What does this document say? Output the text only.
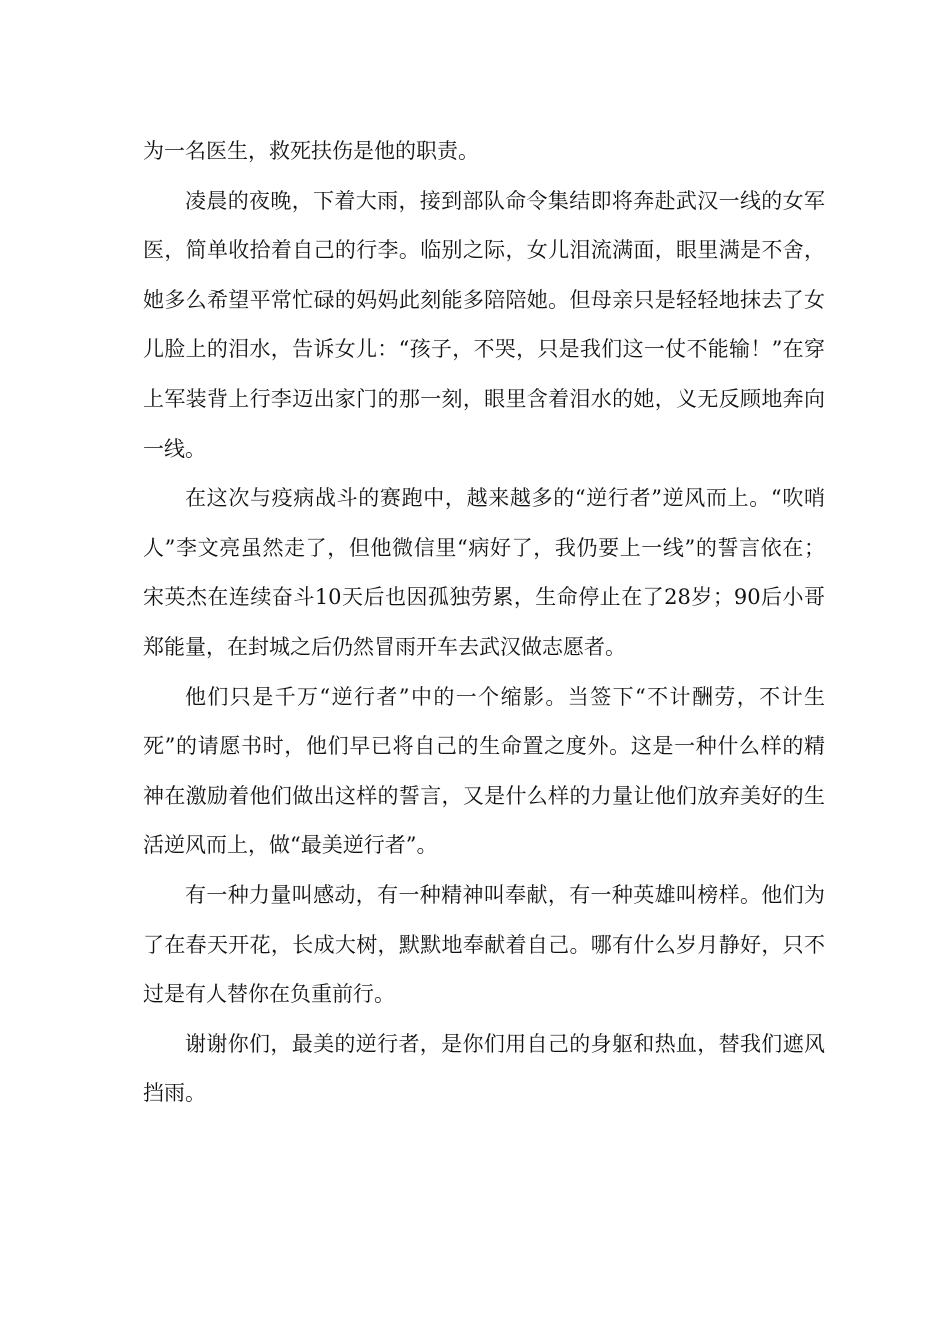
为一名医生，救死扶伤是他的职责。

凌晨的夜晚，下着大雨，接到部队命令集结即将奔赴武汉一线的女军医，简单收拾着自己的行李。临别之际，女儿泪流满面，眼里满是不舍，她多么希望平常忙碌的妈妈此刻能多陪陪她。但母亲只是轻轻地抹去了女儿脸上的泪水，告诉女儿：“孩子，不哭，只是我们这一仗不能输！”在穿上军装背上行李迈出家门的那一刻，眼里含着泪水的她，义无反顾地奔向一线。

在这次与疫病战斗的赛跑中，越来越多的“逆行者”逆风而上。“吹哨人”李文亮虽然走了，但他微信里“病好了，我仍要上一线”的誓言依在；宋英杰在连续奋斗10天后也因孤独劳累，生命停止在了28岁；90后小哥郑能量，在封城之后仍然冒雨开车去武汉做志愿者。

他们只是千万“逆行者”中的一个缩影。当签下“不计酬劳，不计生死”的请愿书时，他们早已将自己的生命置之度外。这是一种什么样的精神在激励着他们做出这样的誓言，又是什么样的力量让他们放弃美好的生活逆风而上，做“最美逆行者”。

有一种力量叫感动，有一种精神叫奉献，有一种英雄叫榜样。他们为了在春天开花，长成大树，默默地奉献着自己。哪有什么岁月静好，只不过是有人替你在负重前行。

谢谢你们，最美的逆行者，是你们用自己的身躯和热血，替我们遮风挡雨。
